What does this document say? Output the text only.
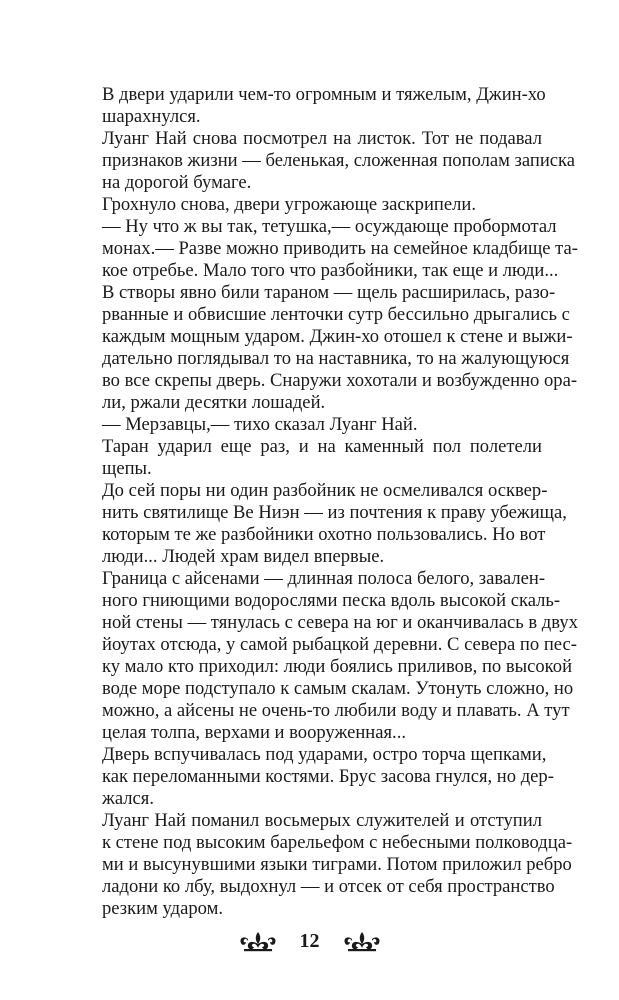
В двери ударили чем-то огромным и тяжелым, Джин-хо
шарахнулся.

Луанг Най снова посмотрел на листок. Тот не подавал
признаков жизни — беленькая, сложенная пополам записка
на дорогой бумаге.

Грохнуло снова, двери угрожающе заскрипели.

— Ну что ж вы так, тетушка,— осуждающе пробормотал
монах.— Разве можно приводить на семейное кладбище та-
кое отребье. Мало того что разбойники, так еще и люди...

В створы явно били тараном — щель расширилась, разо-
рванные и обвисшие ленточки сутр бессильно дрыгались с
каждым мощным ударом. Джин-хо отошел к стене и выжи-
дательно поглядывал то на наставника, то на жалующуюся
во все скрепы дверь. Снаружи хохотали и возбужденно ора-
ли, ржали десятки лошадей.

— Мерзавцы,— тихо сказал Луанг Най.

Таран ударил еще раз, и на каменный пол полетели
щепы.

До сей поры ни один разбойник не осмеливался осквер-
нить святилище Ве Ниэн — из почтения к праву убежища,
которым те же разбойники охотно пользовались. Но вот
люди... Людей храм видел впервые.

Граница с айсенами — длинная полоса белого, завален-
ного гниющими водорослями песка вдоль высокой скаль-
ной стены — тянулась с севера на юг и оканчивалась в двух
йоутах отсюда, у самой рыбацкой деревни. С севера по пес-
ку мало кто приходил: люди боялись приливов, по высокой
воде море подступало к самым скалам. Утонуть сложно, но
можно, а айсены не очень-то любили воду и плавать. А тут
целая толпа, верхами и вооруженная...

Дверь вспучивалась под ударами, остро торча щепками,
как переломанными костями. Брус засова гнулся, но дер-
жался.

Луанг Най поманил восьмерых служителей и отступил
к стене под высоким барельефом с небесными полководца-
ми и высунувшими языки тиграми. Потом приложил ребро
ладони ко лбу, выдохнул — и отсек от себя пространство
резким ударом.

12
